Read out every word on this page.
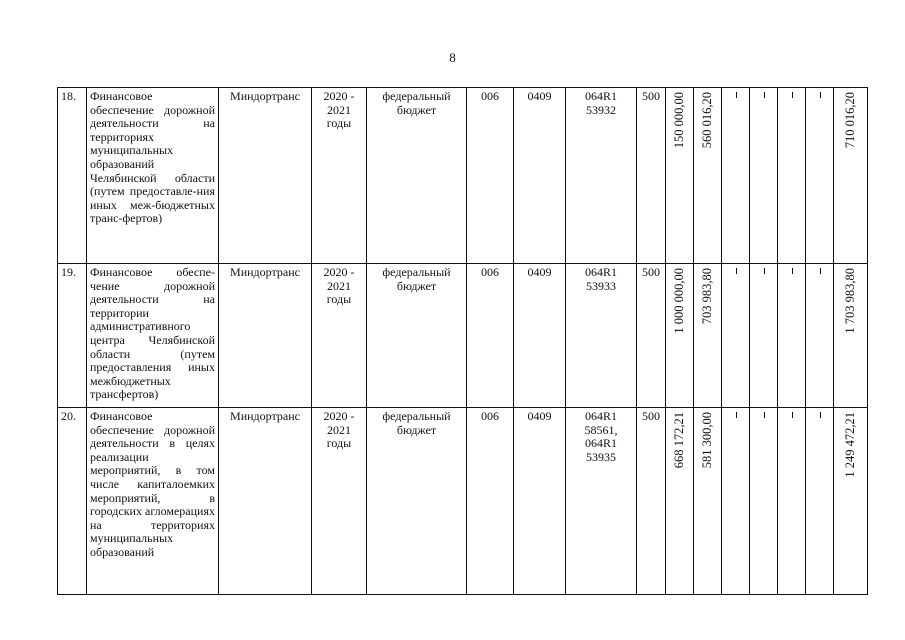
8
18.	Финансовое обеспечение дорожной деятельности на территориях муниципальных образований Челябинской области (путем предоставле-ния иных меж-бюджетных транс-фертов)	Миндортранс	2020 - 2021 годы	федеральный бюджет	006	0409	064R1 53932	500	150 000,00	560 016,20					710 016,20

19.	Финансовое обеспе-чение дорожной деятельности на территории административного центра Челябинской области (путем предоставления иных межбюджетных трансфертов)	Миндортранс	2020 - 2021 годы	федеральный бюджет	006	0409	064R1 53933	500	1 000 000,00	703 983,80					1 703 983,80

20.	Финансовое обеспечение дорожной деятельности в целях реализации мероприятий, в том числе капиталоемких мероприятий, в городских агломерациях на территориях муниципальных образований	Миндортранс	2020 - 2021 годы	федеральный бюджет	006	0409	064R1 58561, 064R1 53935	500	668 172,21	581 300,00					1 249 472,21
